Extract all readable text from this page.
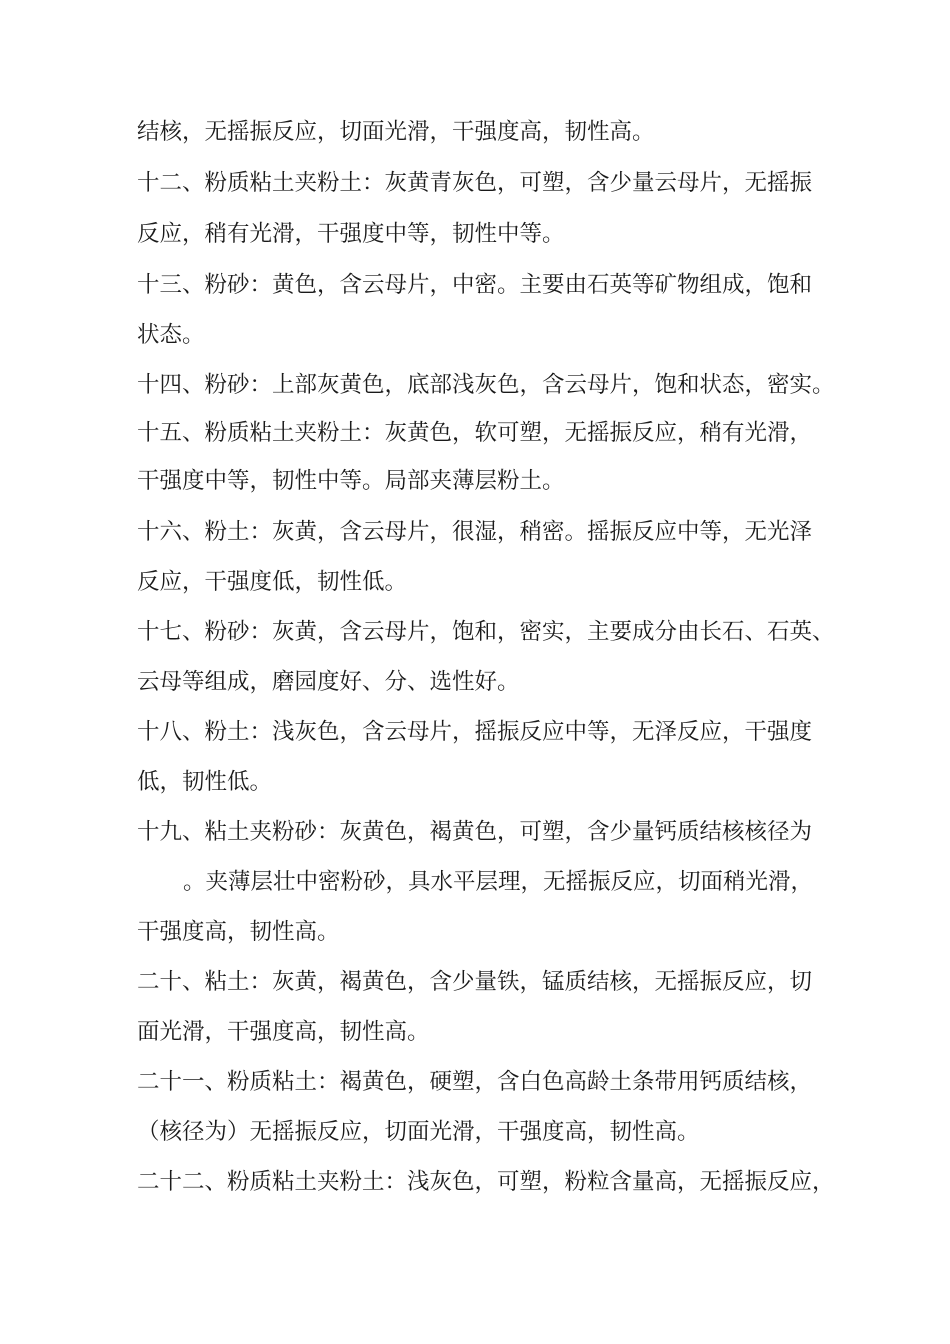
结核，无摇振反应，切面光滑，干强度高，韧性高。
十二、粉质粘土夹粉土：灰黄青灰色，可塑，含少量云母片，无摇振
反应，稍有光滑，干强度中等，韧性中等。
十三、粉砂：黄色，含云母片，中密。主要由石英等矿物组成，饱和
状态。
十四、粉砂：上部灰黄色，底部浅灰色，含云母片，饱和状态，密实。
十五、粉质粘土夹粉土：灰黄色，软可塑，无摇振反应，稍有光滑，
干强度中等，韧性中等。局部夹薄层粉土。
十六、粉土：灰黄，含云母片，很湿，稍密。摇振反应中等，无光泽
反应，干强度低，韧性低。
十七、粉砂：灰黄，含云母片，饱和，密实，主要成分由长石、石英、
云母等组成，磨园度好、分、选性好。
十八、粉土：浅灰色，含云母片，摇振反应中等，无泽反应，干强度
低，韧性低。
十九、粘土夹粉砂：灰黄色，褐黄色，可塑，含少量钙质结核核径为
。夹薄层壮中密粉砂，具水平层理，无摇振反应，切面稍光滑，
干强度高，韧性高。
二十、粘土：灰黄，褐黄色，含少量铁，锰质结核，无摇振反应，切
面光滑，干强度高，韧性高。
二十一、粉质粘土：褐黄色，硬塑，含白色高龄土条带用钙质结核，
（核径为）无摇振反应，切面光滑，干强度高，韧性高。
二十二、粉质粘土夹粉土：浅灰色，可塑，粉粒含量高，无摇振反应，
